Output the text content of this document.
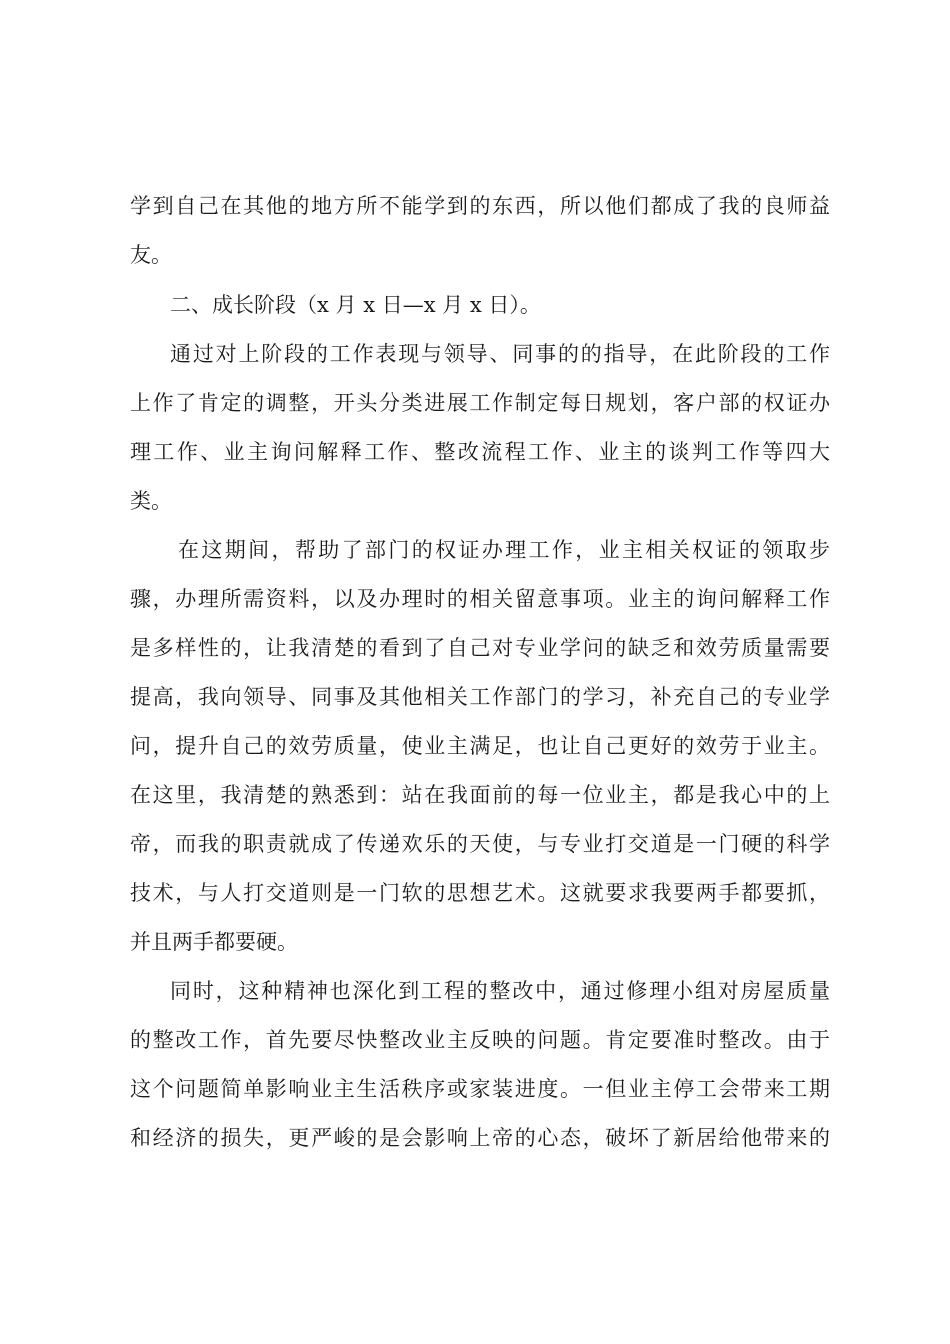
学到自己在其他的地方所不能学到的东西，所以他们都成了我的良师益
友。
二、成长阶段（x 月 x 日—x 月 x 日）。
通过对上阶段的工作表现与领导、同事的的指导，在此阶段的工作
上作了肯定的调整，开头分类进展工作制定每日规划，客户部的权证办
理工作、业主询问解释工作、整改流程工作、业主的谈判工作等四大
类。
在这期间，帮助了部门的权证办理工作，业主相关权证的领取步
骤，办理所需资料，以及办理时的相关留意事项。业主的询问解释工作
是多样性的，让我清楚的看到了自己对专业学问的缺乏和效劳质量需要
提高，我向领导、同事及其他相关工作部门的学习，补充自己的专业学
问，提升自己的效劳质量，使业主满足，也让自己更好的效劳于业主。
在这里，我清楚的熟悉到：站在我面前的每一位业主，都是我心中的上
帝，而我的职责就成了传递欢乐的天使，与专业打交道是一门硬的科学
技术，与人打交道则是一门软的思想艺术。这就要求我要两手都要抓，
并且两手都要硬。
同时，这种精神也深化到工程的整改中，通过修理小组对房屋质量
的整改工作，首先要尽快整改业主反映的问题。肯定要准时整改。由于
这个问题简单影响业主生活秩序或家装进度。一但业主停工会带来工期
和经济的损失，更严峻的是会影响上帝的心态，破坏了新居给他带来的
